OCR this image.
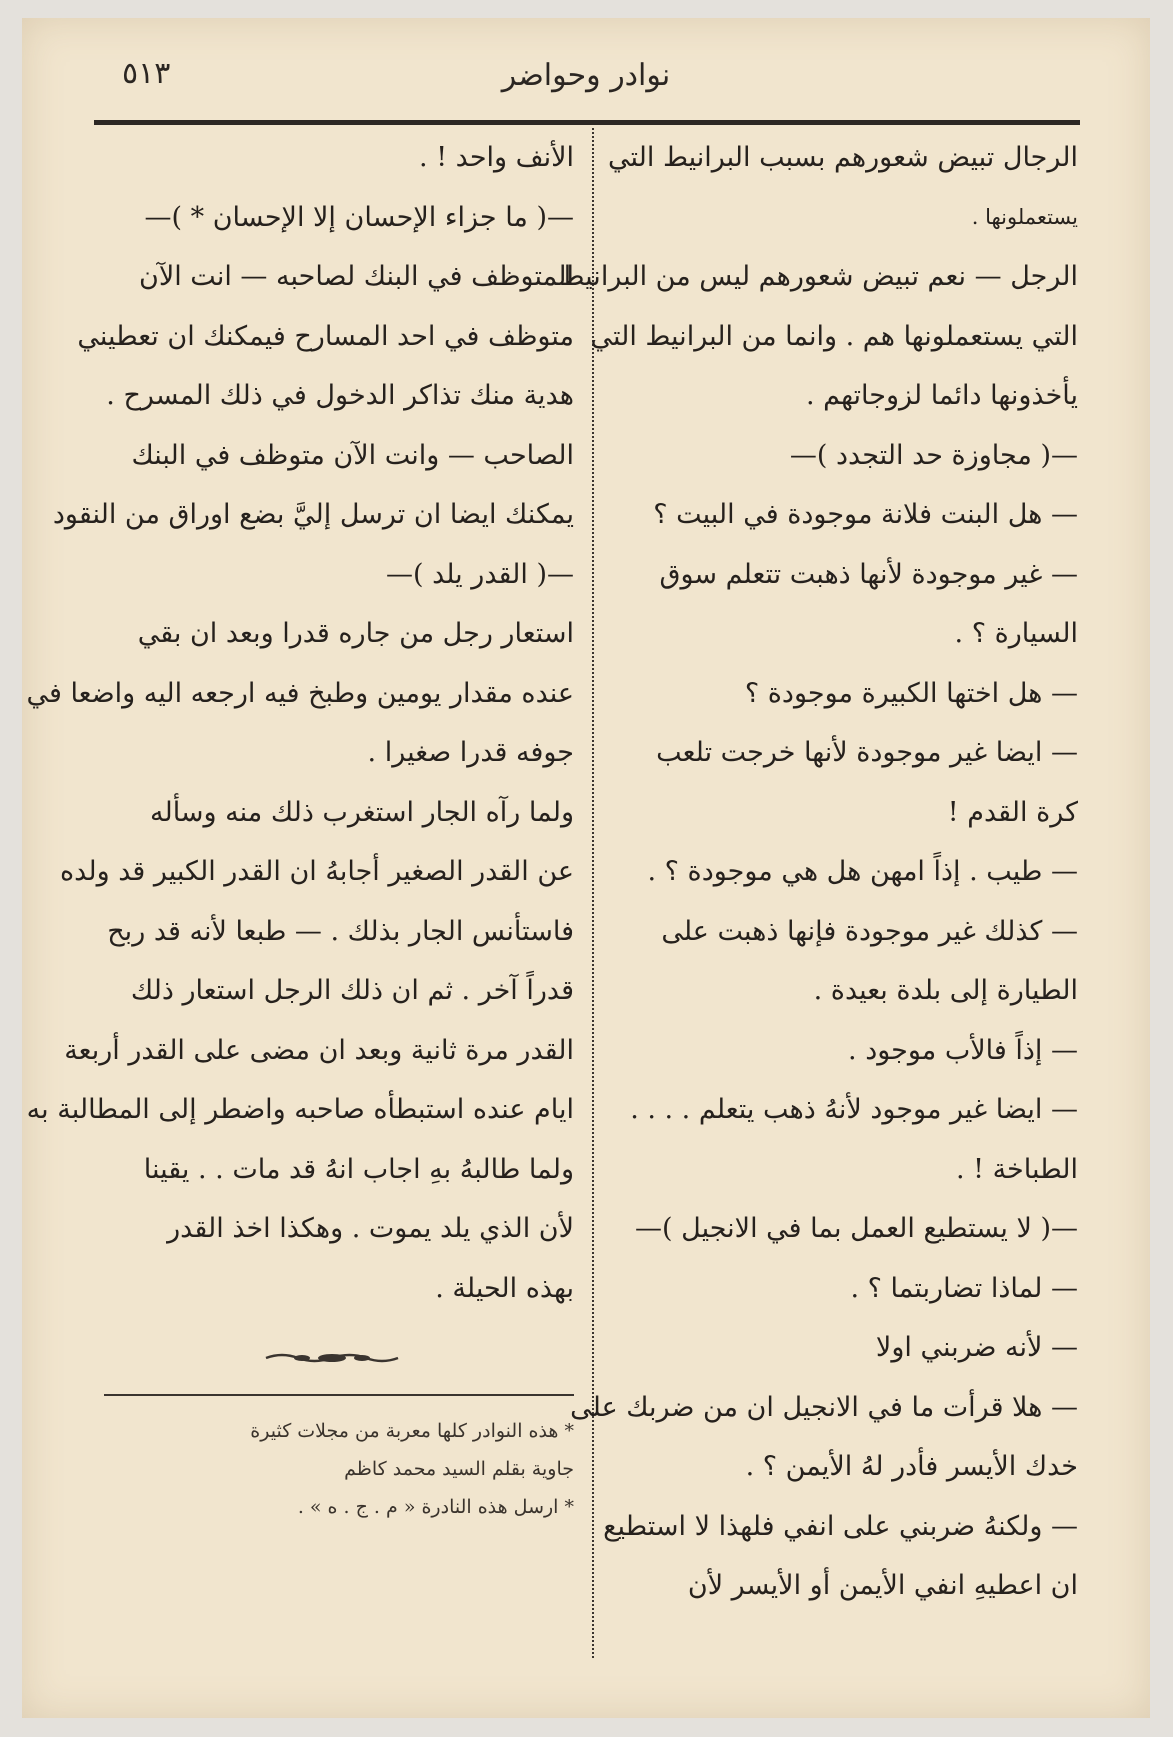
نوادر وحواضر
٥١٣
الرجال تبيض شعورهم بسبب البرانيط التي
يستعملونها .
الرجل — نعم تبيض شعورهم ليس من البرانيط
التي يستعملونها هم . وانما من البرانيط التي
يأخذونها دائما لزوجاتهم .
—( مجاوزة حد التجدد )—
— هل البنت فلانة موجودة في البيت ؟
— غير موجودة لأنها ذهبت تتعلم سوق
السيارة ؟ .
— هل اختها الكبيرة موجودة ؟
— ايضا غير موجودة لأنها خرجت تلعب
كرة القدم !
— طيب . إذاً امهن هل هي موجودة ؟ .
— كذلك غير موجودة فإنها ذهبت على
الطيارة إلى بلدة بعيدة .
— إذاً فالأب موجود .
— ايضا غير موجود لأنهُ ذهب يتعلم . . . .
الطباخة ! .
—( لا يستطيع العمل بما في الانجيل )—
— لماذا تضاربتما ؟ .
— لأنه ضربني اولا
— هلا قرأت ما في الانجيل ان من ضربك على
خدك الأيسر فأدر لهُ الأيمن ؟ .
— ولكنهُ ضربني على انفي فلهذا لا استطيع
ان اعطيهِ انفي الأيمن أو الأيسر لأن
الأنف واحد ! .
—( ما جزاء الإحسان إلا الإحسان * )—
المتوظف في البنك لصاحبه — انت الآن
متوظف في احد المسارح فيمكنك ان تعطيني
هدية منك تذاكر الدخول في ذلك المسرح .
الصاحب — وانت الآن متوظف في البنك
يمكنك ايضا ان ترسل إليَّ بضع اوراق من النقود
—( القدر يلد )—
استعار رجل من جاره قدرا وبعد ان بقي
عنده مقدار يومين وطبخ فيه ارجعه اليه واضعا في
جوفه قدرا صغيرا .
ولما رآه الجار استغرب ذلك منه وسأله
عن القدر الصغير أجابهُ ان القدر الكبير قد ولده
فاستأنس الجار بذلك . — طبعا لأنه قد ربح
قدراً آخر . ثم ان ذلك الرجل استعار ذلك
القدر مرة ثانية وبعد ان مضى على القدر أربعة
ايام عنده استبطأه صاحبه واضطر إلى المطالبة به
ولما طالبهُ بهِ اجاب انهُ قد مات . . يقينا
لأن الذي يلد يموت . وهكذا اخذ القدر
بهذه الحيلة .
* هذه النوادر كلها معربة من مجلات كثيرة
جاوية بقلم السيد محمد كاظم
* ارسل هذه النادرة « م . ج . ه » .
